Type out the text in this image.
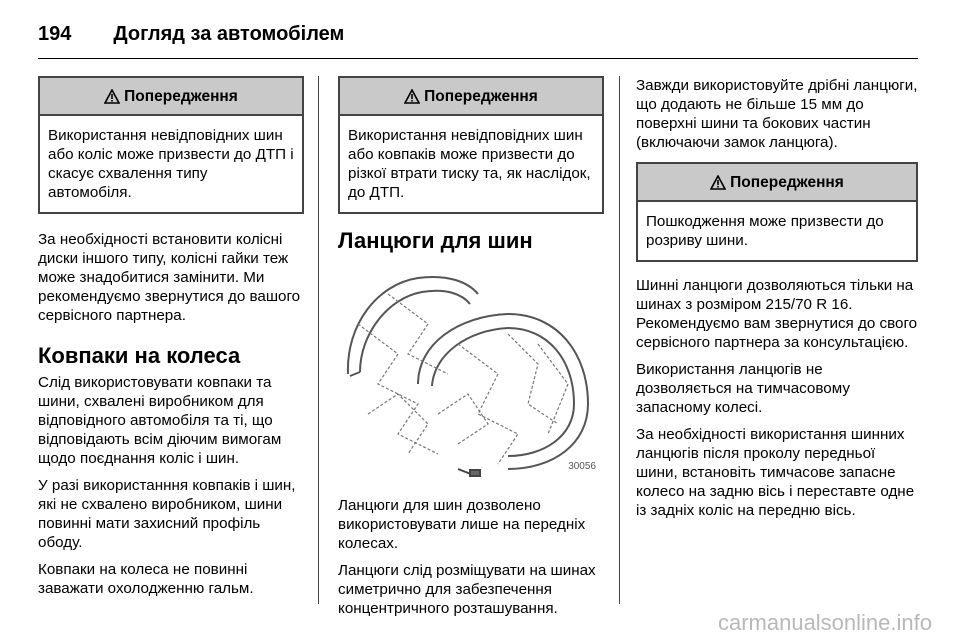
194 Догляд за автомобілем
Попередження
Використання невідповідних шин або коліс може призвести до ДТП і скасує схвалення типу автомобіля.

За необхідності встановити колісні диски іншого типу, колісні гайки теж може знадобитися замінити. Ми рекомендуємо звернутися до вашого сервісного партнера.

Ковпаки на колеса

Слід використовувати ковпаки та шини, схвалені виробником для відповідного автомобіля та ті, що відповідають всім діючим вимогам щодо поєднання коліс і шин.

У разі використанння ковпаків і шин, які не схвалено виробником, шини повинні мати захисний профіль ободу.

Ковпаки на колеса не повинні заважати охолодженню гальм.

Попередження
Використання невідповідних шин або ковпаків може призвести до різкої втрати тиску та, як наслідок, до ДТП.
Ланцюги для шин
30056

Ланцюги для шин дозволено використовувати лише на передніх колесах.

Ланцюги слід розміщувати на шинах симетрично для забезпечення концентричного розташування.

Завжди використовуйте дрібні ланцюги, що додають не більше 15 мм до поверхні шини та бокових частин (включаючи замок ланцюга).

Попередження
Пошкодження може призвести до розриву шини.

Шинні ланцюги дозволяються тільки на шинах з розміром 215/70 R 16. Рекомендуємо вам звернутися до свого сервісного партнера за консультацією.

Використання ланцюгів не дозволяється на тимчасовому запасному колесі.

За необхідності використання шинних ланцюгів після проколу передньої шини, встановіть тимчасове запасне колесо на задню вісь і переставте одне із задніх коліс на передню вісь.

carmanualsonline.info
